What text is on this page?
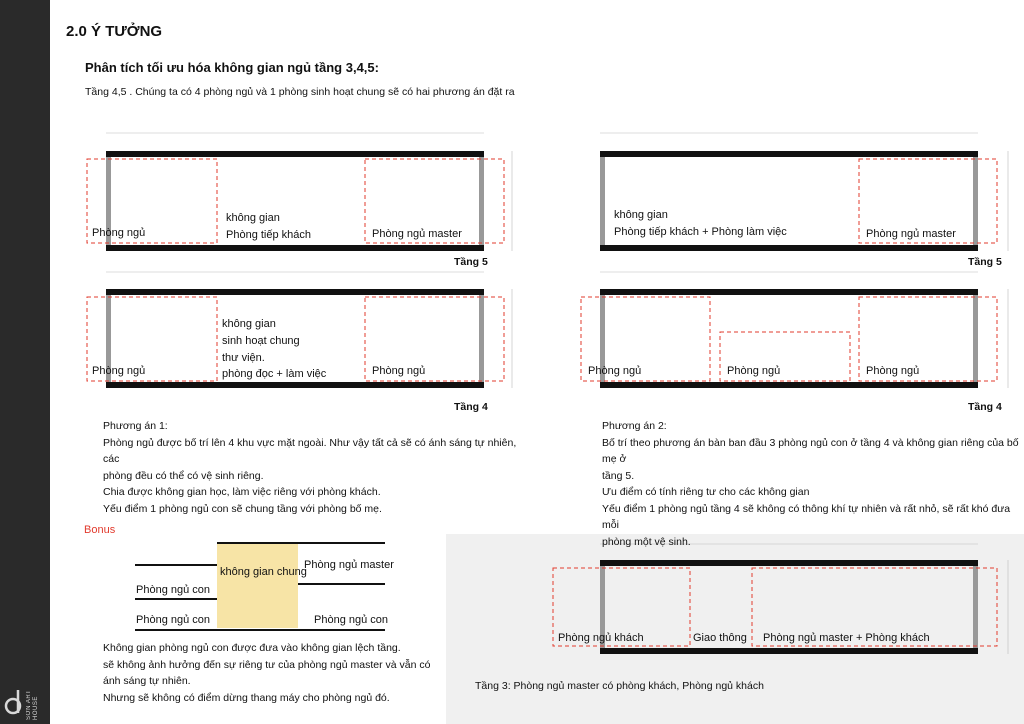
SƠN ART HOUSE
2.0 Ý TƯỞNG
Phân tích tối ưu hóa không gian ngủ tầng 3,4,5:
Tầng 4,5 . Chúng ta có 4 phòng ngủ và 1 phòng sinh hoạt chung sẽ có hai phương án đặt ra
Phòng ngủ
không gian
Phòng tiếp khách	Phòng ngủ master
Tầng 5
không gian
Phòng tiếp khách + Phòng làm việc	Phòng ngủ master
Tầng 5
Phòng ngủ
không gian
sinh hoạt chung
thư viện.
phòng đọc + làm việc	Phòng ngủ
Tầng 4
Phòng ngủ	Phòng ngủ	Phòng ngủ
Tầng 4
Phương án 1:
Phòng ngủ được bố trí lên 4 khu vực mặt ngoài. Như vậy tất cả sẽ có ánh sáng tự nhiên, các
phòng đều có thể có vệ sinh riêng.
Chia được không gian học, làm việc riêng với phòng khách.
Yếu điểm 1 phòng ngủ con sẽ chung tầng với phòng bố mẹ.
Phương án 2:
Bố trí theo phương án bàn ban đầu 3 phòng ngủ con ở tầng 4 và không gian riêng của bố mẹ ở
tầng 5.
Ưu điểm có tính riêng tư cho các không gian
Yếu điểm 1 phòng ngủ tầng 4 sẽ không có thông khí tự nhiên và rất nhỏ, sẽ rất khó đưa mỗi
phòng một vệ sinh.
Bonus
không gian chung
Phòng ngủ master
Phòng ngủ con
Phòng ngủ con	Phòng ngủ con
Không gian phòng ngủ con được đưa vào không gian lệch tầng.
sẽ không ảnh hưởng đến sự riêng tư của phòng ngủ master và vẫn có
ánh sáng tự nhiên.
Nhưng sẽ không có điểm dừng thang máy cho phòng ngủ đó.
Phòng ngủ khách	Giao thông Phòng ngủ master + Phòng khách
Tầng 3: Phòng ngủ master có phòng khách, Phòng ngủ khách
